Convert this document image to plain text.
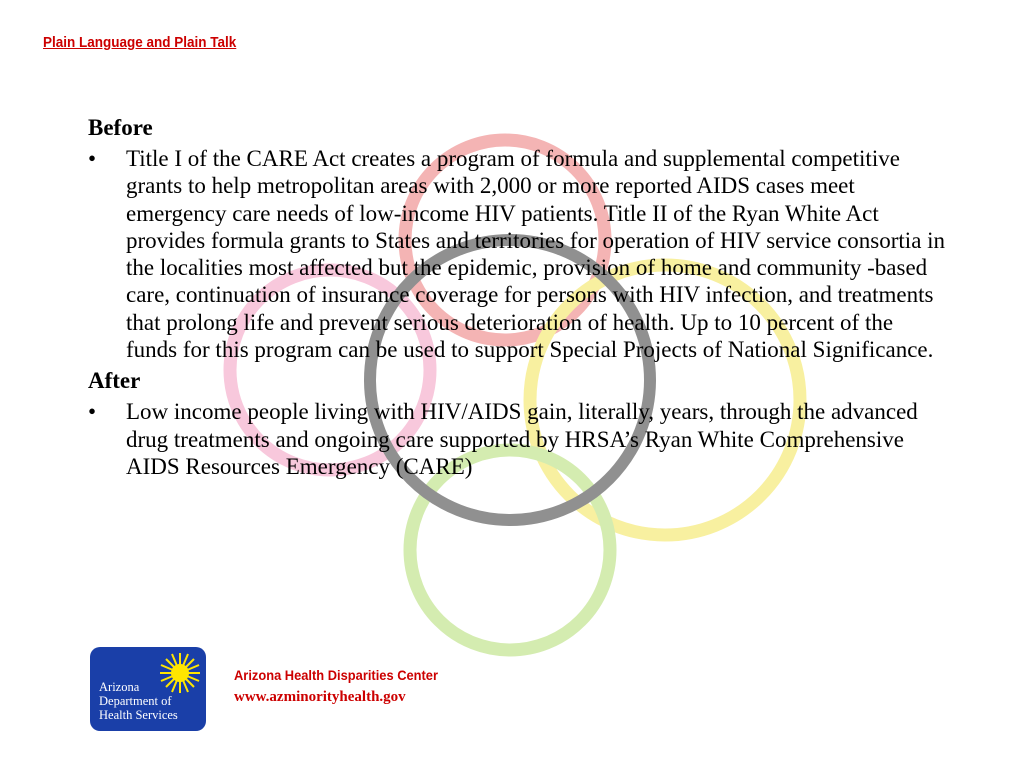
Plain Language and Plain Talk

Before

• Title I of the CARE Act creates a program of formula and supplemental competitive grants to help metropolitan areas with 2,000 or more reported AIDS cases meet emergency care needs of low-income HIV patients. Title II of the Ryan White Act provides formula grants to States and territories for operation of HIV service consortia in the localities most affected but the epidemic, provision of home and community -based care, continuation of insurance coverage for persons with HIV infection, and treatments that prolong life and prevent serious deterioration of health. Up to 10 percent of the funds for this program can be used to support Special Projects of National Significance.

After

• Low income people living with HIV/AIDS gain, literally, years, through the advanced drug treatments and ongoing care supported by HRSA’s Ryan White Comprehensive AIDS Resources Emergency (CARE)
Arizona
Department of
Health Services
Arizona Health Disparities Center
www.azminorityhealth.gov
